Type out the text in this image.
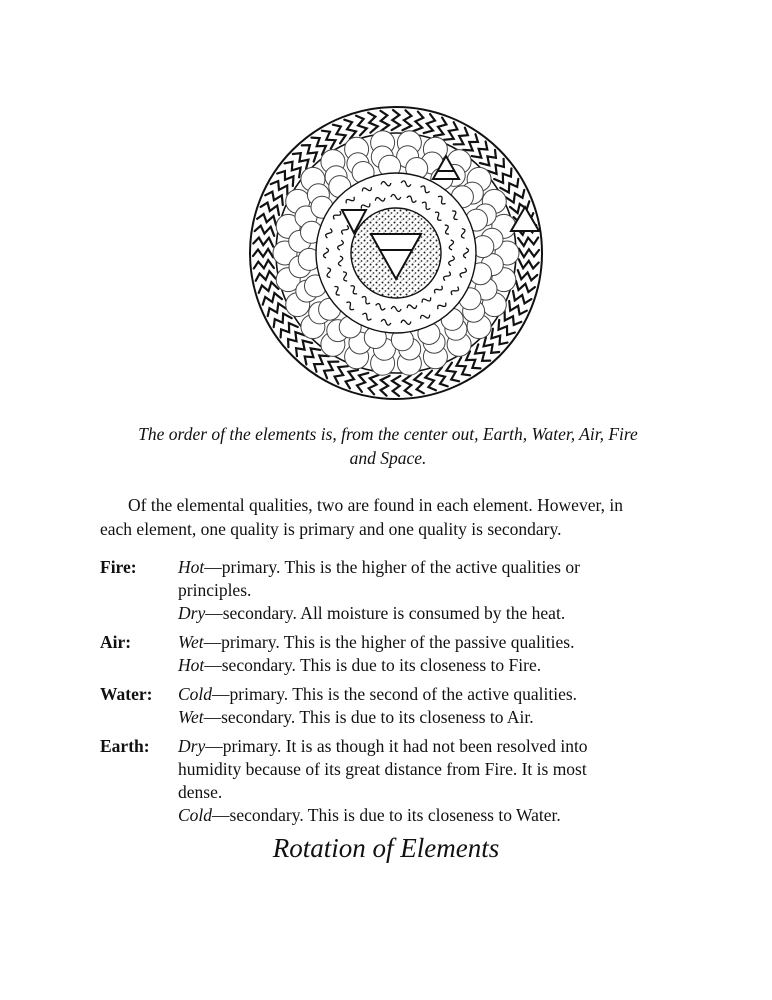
The order of the elements is, from the center out, Earth, Water, Air, Fire
and Space.

Of the elemental qualities, two are found in each element. However, in
each element, one quality is primary and one quality is secondary.

Fire:	Hot—primary. This is the higher of the active qualities or
principles.
Dry—secondary. All moisture is consumed by the heat.

Air:	Wet—primary. This is the higher of the passive qualities.
Hot—secondary. This is due to its closeness to Fire.

Water:	Cold—primary. This is the second of the active qualities.
Wet—secondary. This is due to its closeness to Air.

Earth:	Dry—primary. It is as though it had not been resolved into
humidity because of its great distance from Fire. It is most
dense.
Cold—secondary. This is due to its closeness to Water.
Rotation of Elements
